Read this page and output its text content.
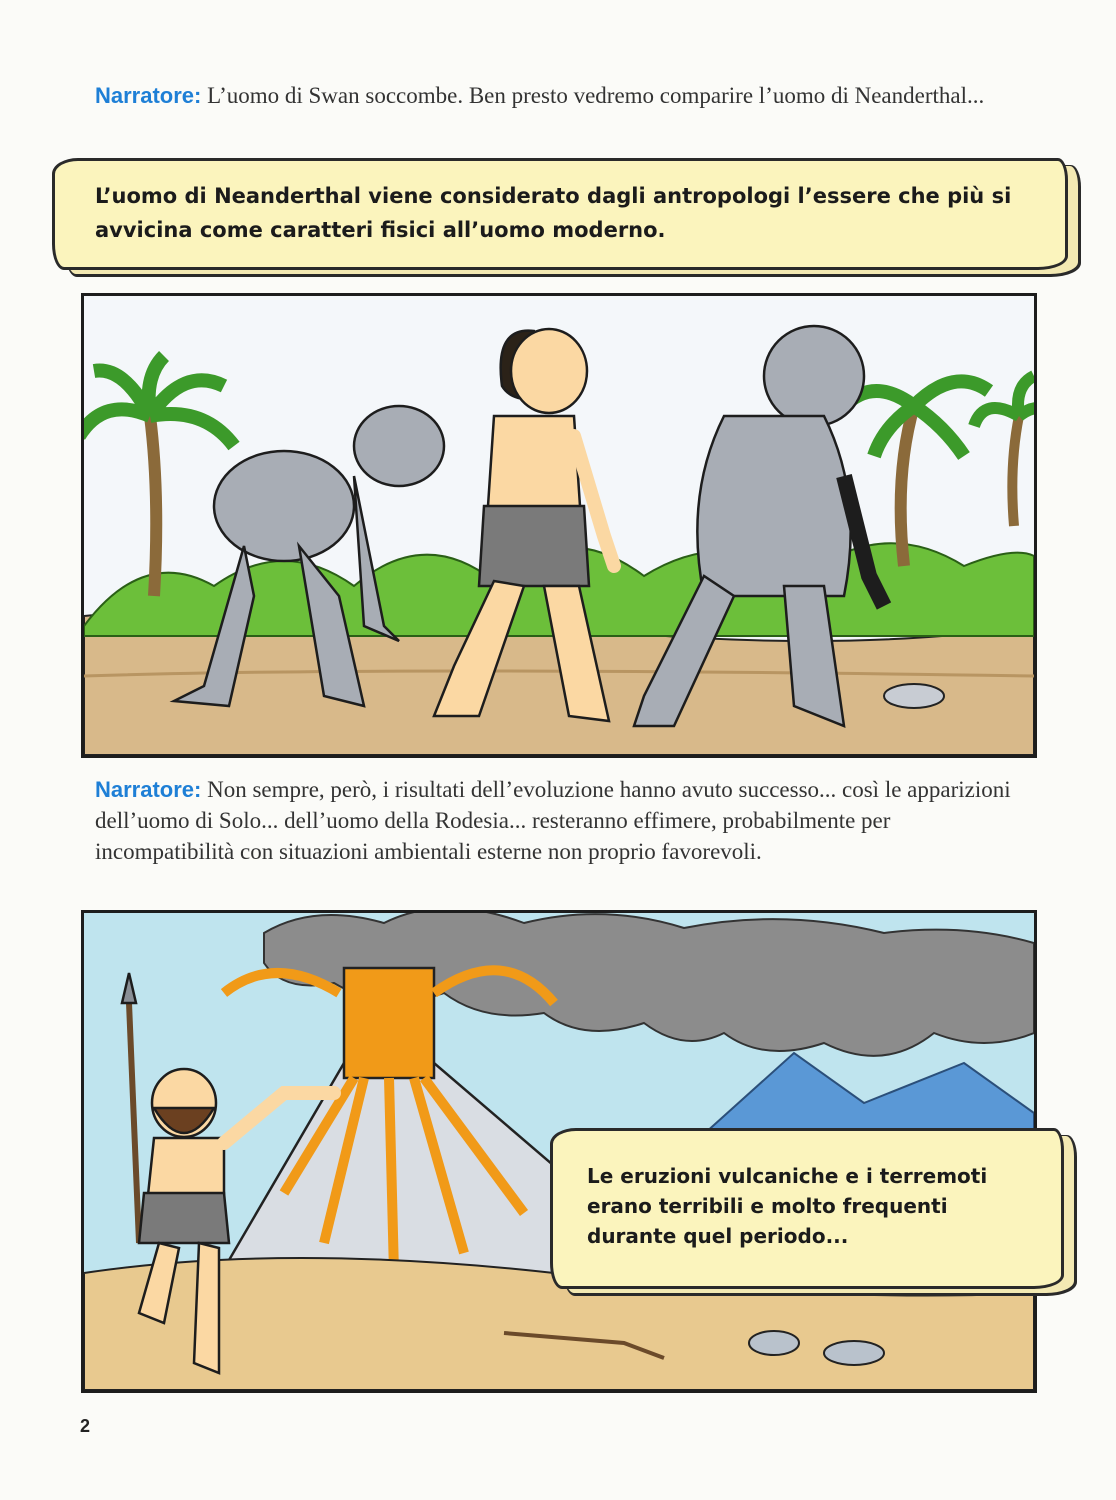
Narratore: L’uomo di Swan soccombe. Ben presto vedremo comparire l’uomo di Neanderthal...
L’uomo di Neanderthal viene considerato dagli antropologi l’essere che più si avvicina come caratteri fisici all’uomo moderno.
Narratore: Non sempre, però, i risultati dell’evoluzione hanno avuto successo... così le apparizioni dell’uomo di Solo... dell’uomo della Rodesia... resteranno effimere, probabilmente per incompatibilità con situazioni ambientali esterne non proprio favorevoli.
Le eruzioni vulcaniche e i terremoti erano terribili e molto frequenti durante quel periodo...
2
